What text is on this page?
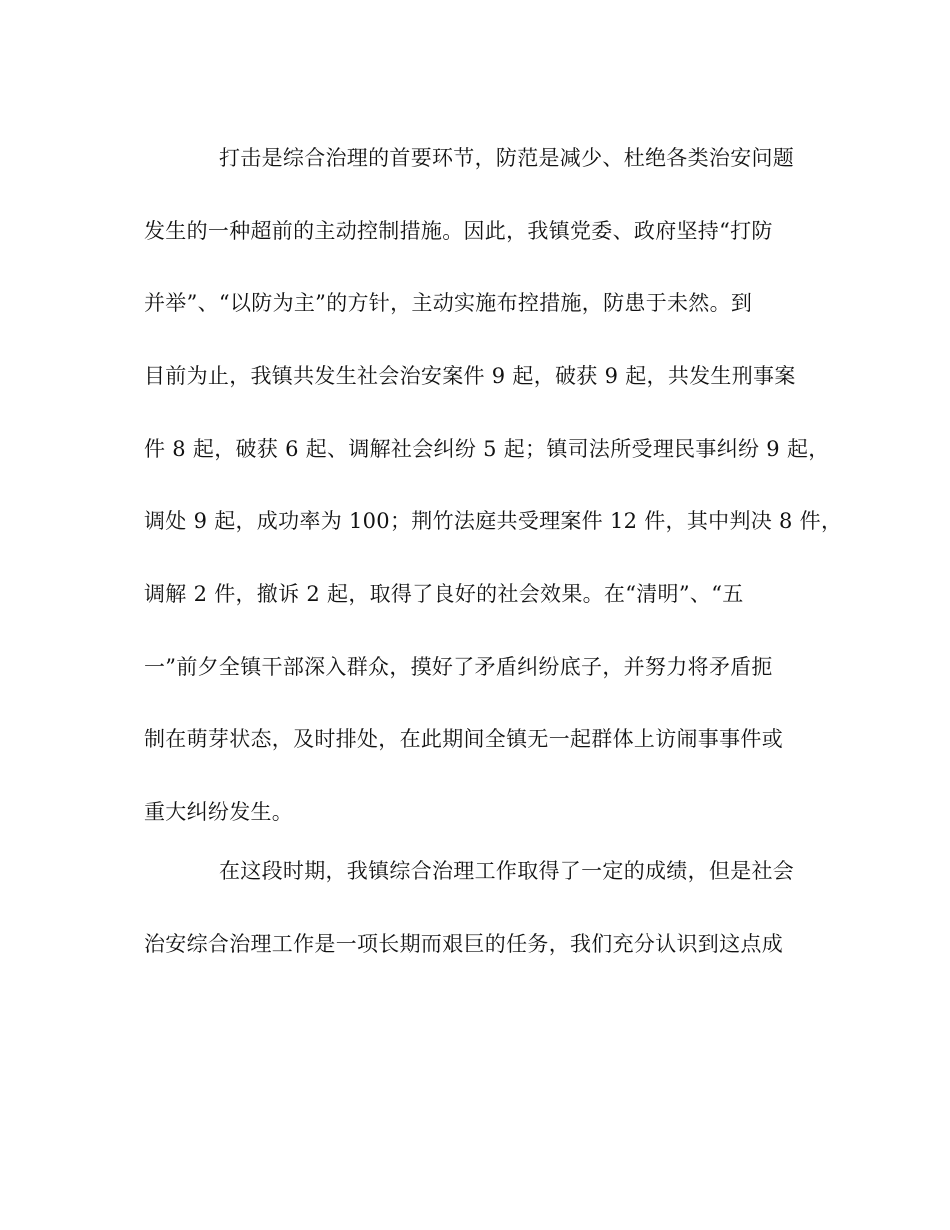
打击是综合治理的首要环节，防范是减少、杜绝各类治安问题
发生的一种超前的主动控制措施。因此，我镇党委、政府坚持“打防
并举”、“以防为主”的方针，主动实施布控措施，防患于未然。到
目前为止，我镇共发生社会治安案件 9 起，破获 9 起，共发生刑事案
件 8 起，破获 6 起、调解社会纠纷 5 起；镇司法所受理民事纠纷 9 起，
调处 9 起，成功率为 100；荆竹法庭共受理案件 12 件，其中判决 8 件，
调解 2 件，撤诉 2 起，取得了良好的社会效果。在“清明”、“五
一”前夕全镇干部深入群众，摸好了矛盾纠纷底子，并努力将矛盾扼
制在萌芽状态，及时排处，在此期间全镇无一起群体上访闹事事件或
重大纠纷发生。
在这段时期，我镇综合治理工作取得了一定的成绩，但是社会
治安综合治理工作是一项长期而艰巨的任务，我们充分认识到这点成
